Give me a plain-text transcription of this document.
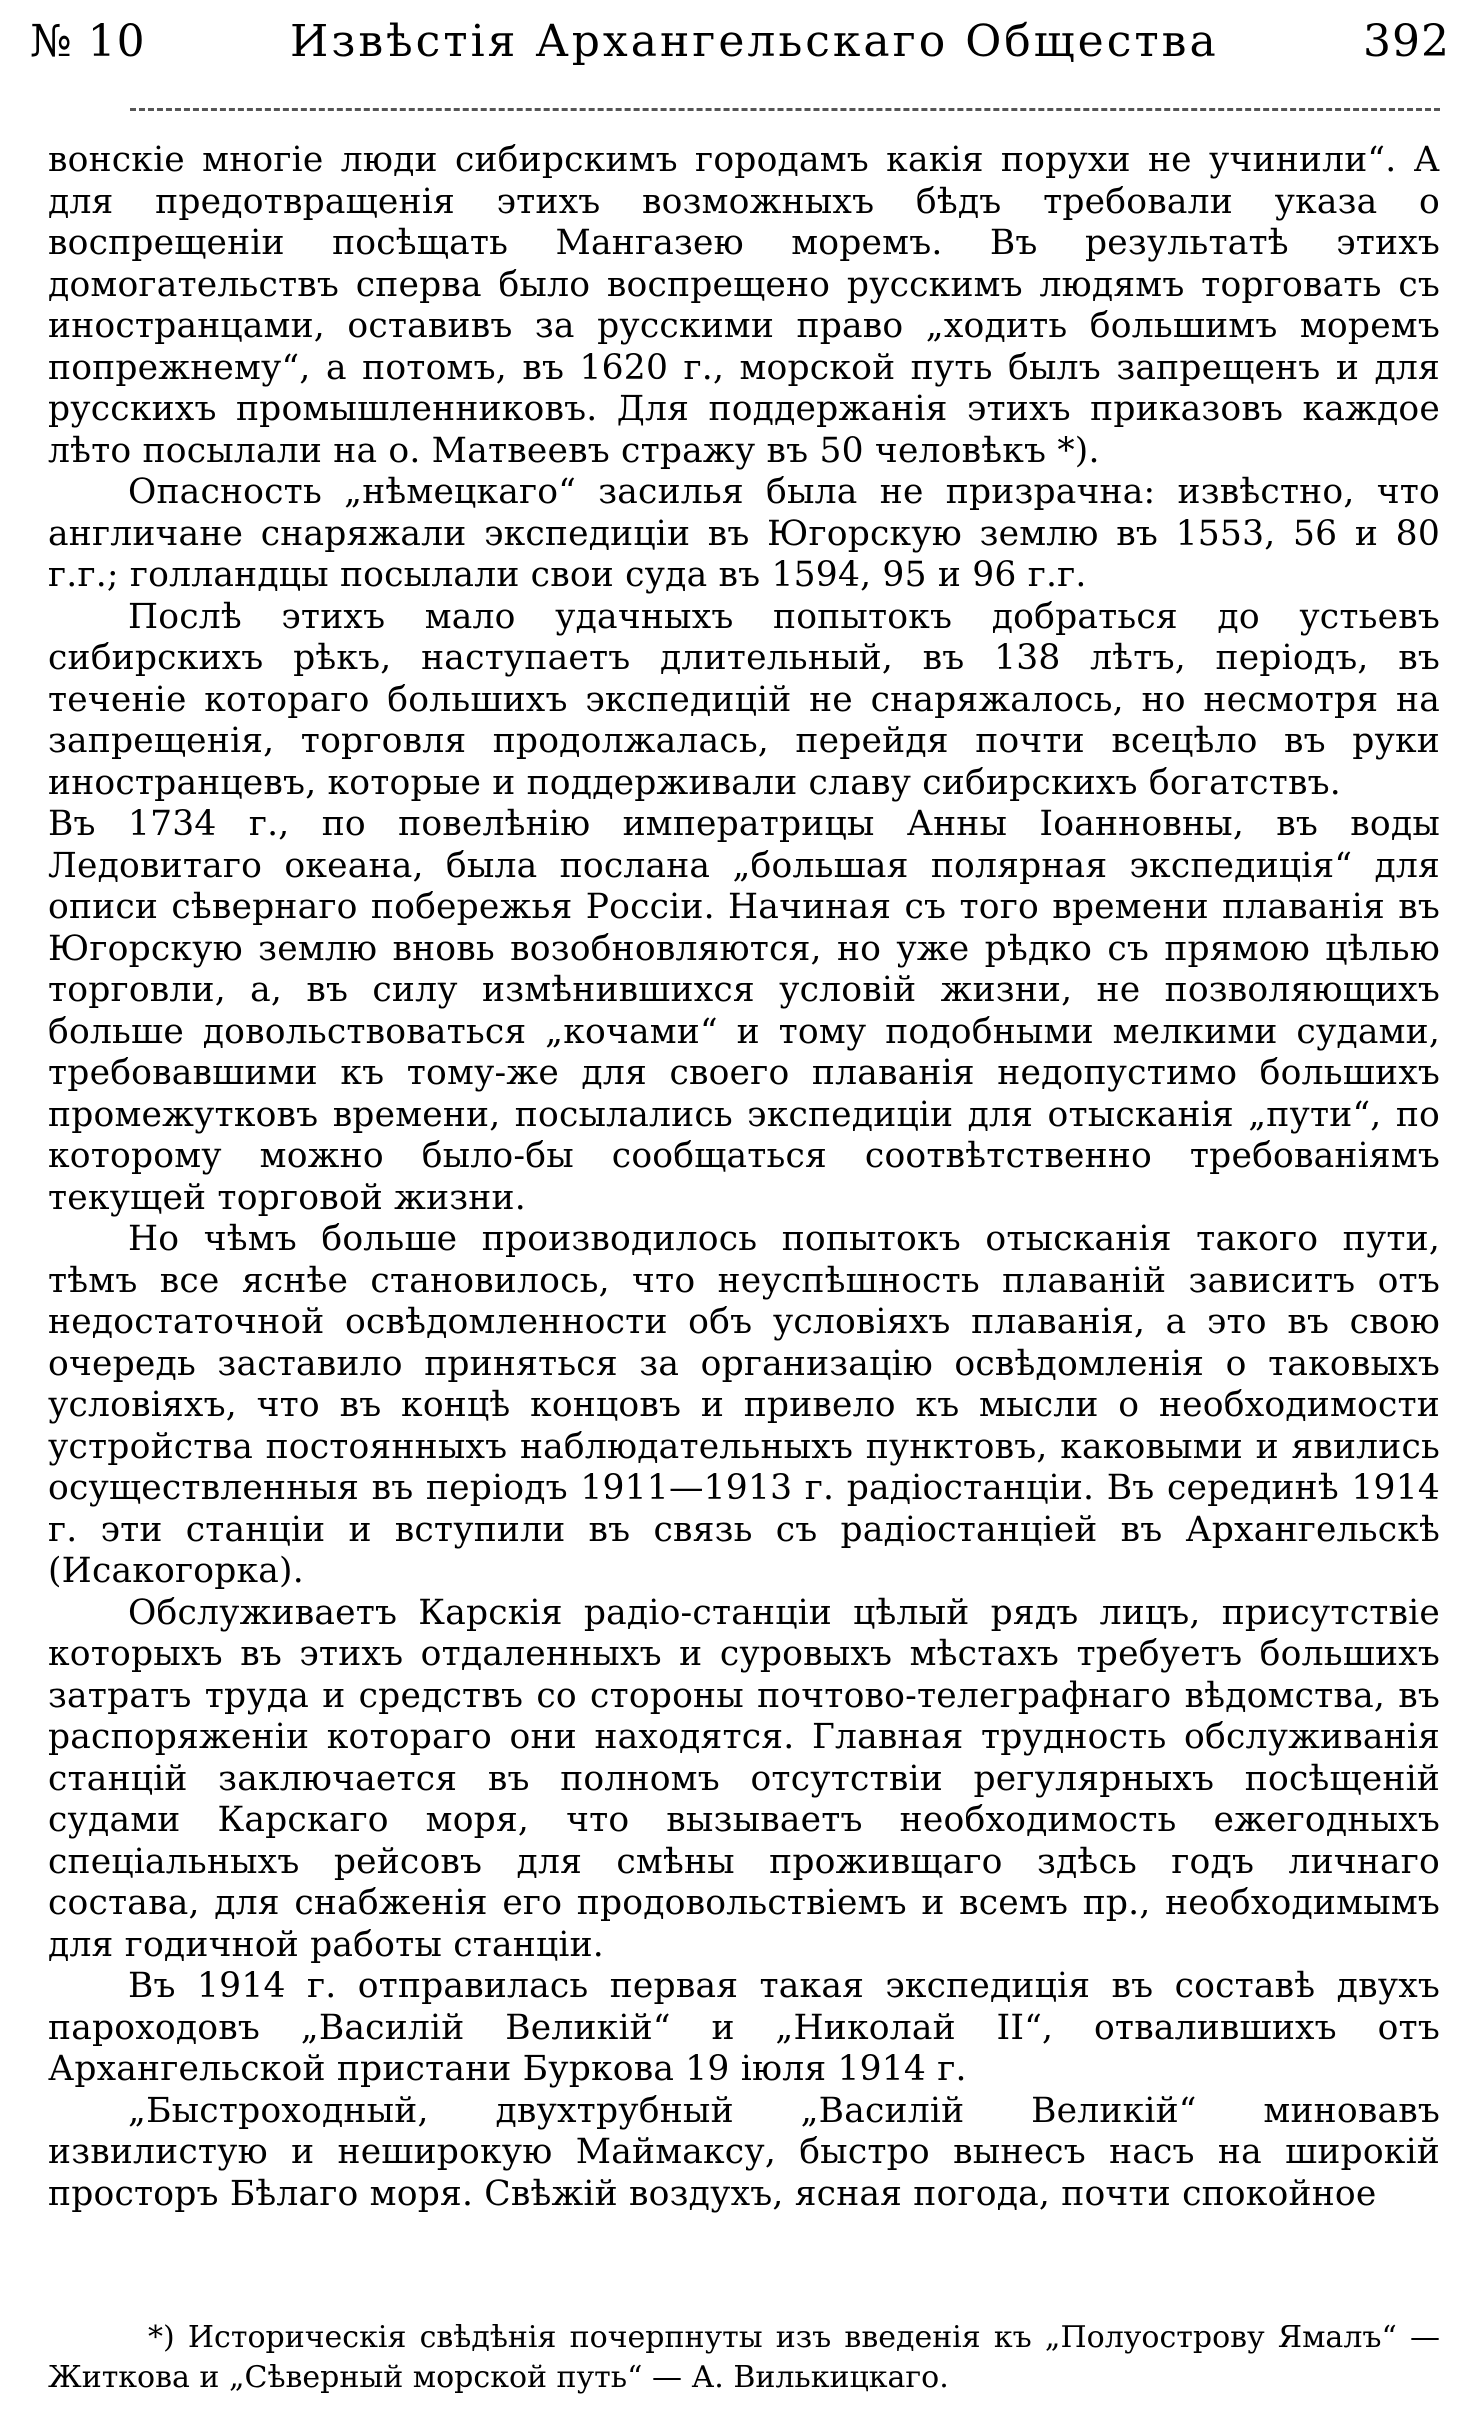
№ 10	Извѣстія Архангельскаго Общества	392

вонскіе многіе люди сибирскимъ городамъ какія порухи не учинили“. А для предотвращенія этихъ возможныхъ бѣдъ требовали указа о воспрещеніи посѣщать Мангазею моремъ. Въ результатѣ этихъ домогательствъ сперва было воспрещено русскимъ людямъ торговать съ иностранцами, оставивъ за русскими право „ходить большимъ моремъ попрежнему“, а потомъ, въ 1620 г., морской путь былъ запрещенъ и для русскихъ промышленниковъ. Для поддержанія этихъ приказовъ каждое лѣто посылали на о. Матвеевъ стражу въ 50 человѣкъ *).

Опасность „нѣмецкаго“ засилья была не призрачна: извѣстно, что англичане снаряжали экспедиціи въ Югорскую землю въ 1553, 56 и 80 г.г.; голландцы посылали свои суда въ 1594, 95 и 96 г.г.

Послѣ этихъ мало удачныхъ попытокъ добраться до устьевъ сибирскихъ рѣкъ, наступаетъ длительный, въ 138 лѣтъ, періодъ, въ теченіе котораго большихъ экспедицій не снаряжалось, но несмотря на запрещенія, торговля продолжалась, перейдя почти всецѣло въ руки иностранцевъ, которые и поддерживали славу сибирскихъ богатствъ.

Въ 1734 г., по повелѣнію императрицы Анны Іоанновны, въ воды Ледовитаго океана, была послана „большая полярная экспедиція“ для описи сѣвернаго побережья Россіи. Начиная съ того времени плаванія въ Югорскую землю вновь возобновляются, но уже рѣдко съ прямою цѣлью торговли, а, въ силу измѣнившихся условій жизни, не позволяющихъ больше довольствоваться „кочами“ и тому подобными мелкими судами, требовавшими къ тому-же для своего плаванія недопустимо большихъ промежутковъ времени, посылались экспедиціи для отысканія „пути“, по которому можно было-бы сообщаться соотвѣтственно требованіямъ текущей торговой жизни.

Но чѣмъ больше производилось попытокъ отысканія такого пути, тѣмъ все яснѣе становилось, что неуспѣшность плаваній зависитъ отъ недостаточной освѣдомленности объ условіяхъ плаванія, а это въ свою очередь заставило приняться за организацію освѣдомленія о таковыхъ условіяхъ, что въ концѣ концовъ и привело къ мысли о необходимости устройства постоянныхъ наблюдательныхъ пунктовъ, каковыми и явились осуществленныя въ періодъ 1911—1913 г. радіостанціи. Въ серединѣ 1914 г. эти станціи и вступили въ связь съ радіостанціей въ Архангельскѣ (Исакогорка).

Обслуживаетъ Карскія радіо-станціи цѣлый рядъ лицъ, присутствіе которыхъ въ этихъ отдаленныхъ и суровыхъ мѣстахъ требуетъ большихъ затратъ труда и средствъ со стороны почтово-телеграфнаго вѣдомства, въ распоряженіи котораго они находятся. Главная трудность обслуживанія станцій заключается въ полномъ отсутствіи регулярныхъ посѣщеній судами Карскаго моря, что вызываетъ необходимость ежегодныхъ спеціальныхъ рейсовъ для смѣны проживщаго здѣсь годъ личнаго состава, для снабженія его продовольствіемъ и всемъ пр., необходимымъ для годичной работы станціи.

Въ 1914 г. отправилась первая такая экспедиція въ составѣ двухъ пароходовъ „Василій Великій“ и „Николай II“, отвалившихъ отъ Архангельской пристани Буркова 19 іюля 1914 г.

„Быстроходный, двухтрубный „Василій Великій“ миновавъ извилистую и неширокую Маймаксу, быстро вынесъ насъ на широкій просторъ Бѣлаго моря. Свѣжій воздухъ, ясная погода, почти спокойное

*) Историческія свѣдѣнія почерпнуты изъ введенія къ „Полуострову Ямалъ“ — Житкова и „Сѣверный морской путь“ — А. Вилькицкаго.
